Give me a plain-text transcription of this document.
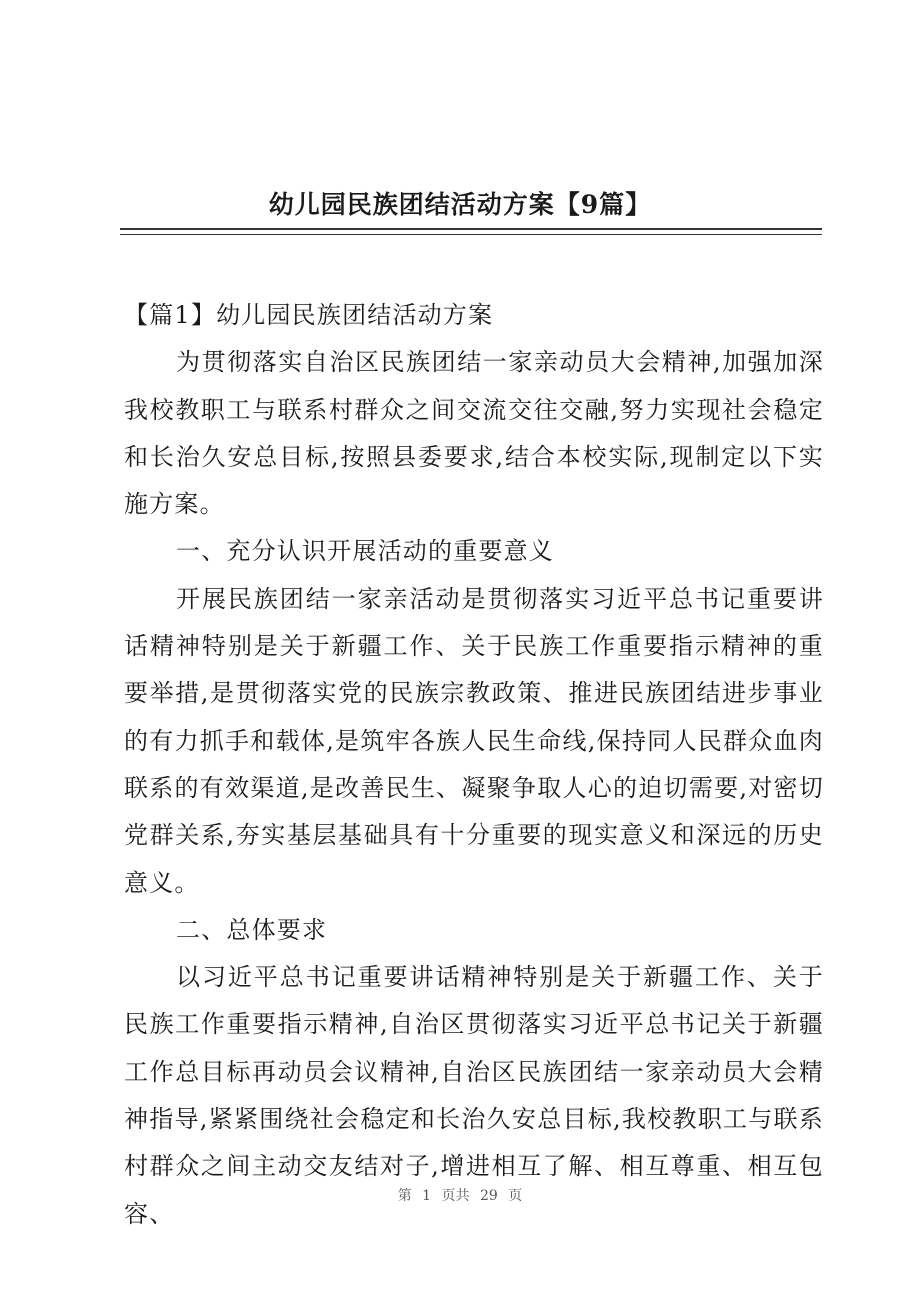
幼儿园民族团结活动方案【9篇】

【篇1】幼儿园民族团结活动方案

为贯彻落实自治区民族团结一家亲动员大会精神,加强加深我校教职工与联系村群众之间交流交往交融,努力实现社会稳定和长治久安总目标,按照县委要求,结合本校实际,现制定以下实施方案。

一、充分认识开展活动的重要意义

开展民族团结一家亲活动是贯彻落实习近平总书记重要讲话精神特别是关于新疆工作、关于民族工作重要指示精神的重要举措,是贯彻落实党的民族宗教政策、推进民族团结进步事业的有力抓手和载体,是筑牢各族人民生命线,保持同人民群众血肉联系的有效渠道,是改善民生、凝聚争取人心的迫切需要,对密切党群关系,夯实基层基础具有十分重要的现实意义和深远的历史意义。

二、总体要求

以习近平总书记重要讲话精神特别是关于新疆工作、关于民族工作重要指示精神,自治区贯彻落实习近平总书记关于新疆工作总目标再动员会议精神,自治区民族团结一家亲动员大会精神指导,紧紧围绕社会稳定和长治久安总目标,我校教职工与联系村群众之间主动交友结对子,增进相互了解、相互尊重、相互包容、

第 1 页共 29 页
